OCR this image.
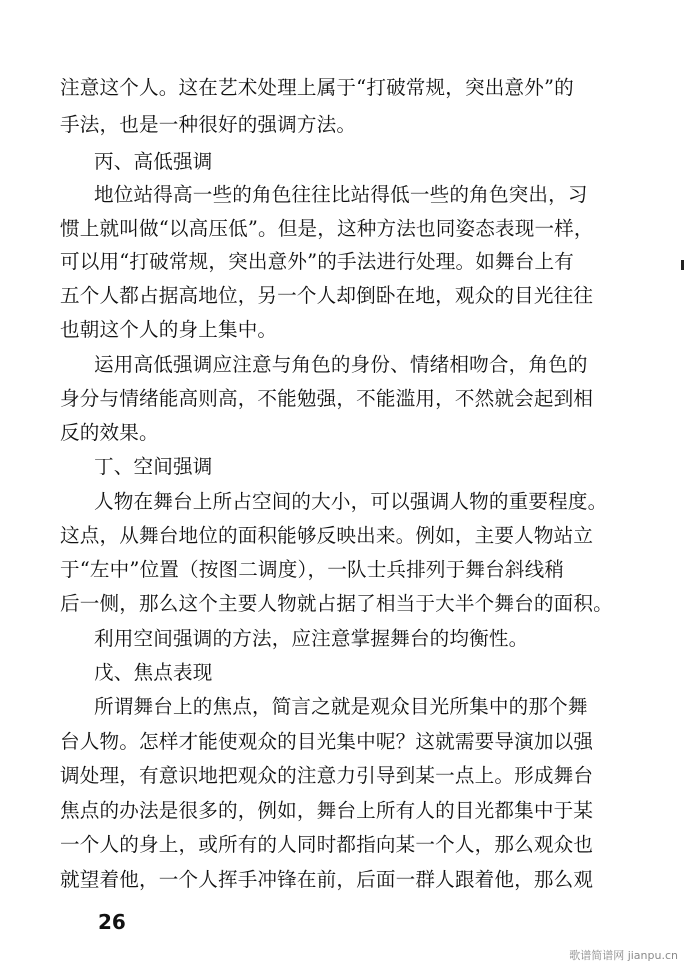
注意这个人。这在艺术处理上属于“打破常规，突出意外”的
手法，也是一种很好的强调方法。
丙、高低强调
地位站得高一些的角色往往比站得低一些的角色突出，习
惯上就叫做“以高压低”。但是，这种方法也同姿态表现一样，
可以用“打破常规，突出意外”的手法进行处理。如舞台上有
五个人都占据高地位，另一个人却倒卧在地，观众的目光往往
也朝这个人的身上集中。
运用高低强调应注意与角色的身份、情绪相吻合，角色的
身分与情绪能高则高，不能勉强，不能滥用，不然就会起到相
反的效果。
丁、空间强调
人物在舞台上所占空间的大小，可以强调人物的重要程度。
这点，从舞台地位的面积能够反映出来。例如，主要人物站立
于“左中”位置（按图二调度），一队士兵排列于舞台斜线稍
后一侧，那么这个主要人物就占据了相当于大半个舞台的面积。
利用空间强调的方法，应注意掌握舞台的均衡性。
戊、焦点表现
所谓舞台上的焦点，简言之就是观众目光所集中的那个舞
台人物。怎样才能使观众的目光集中呢？这就需要导演加以强
调处理，有意识地把观众的注意力引导到某一点上。形成舞台
焦点的办法是很多的，例如，舞台上所有人的目光都集中于某
一个人的身上，或所有的人同时都指向某一个人，那么观众也
就望着他，一个人挥手冲锋在前，后面一群人跟着他，那么观
26
歌谱简谱网 jianpu.cn
